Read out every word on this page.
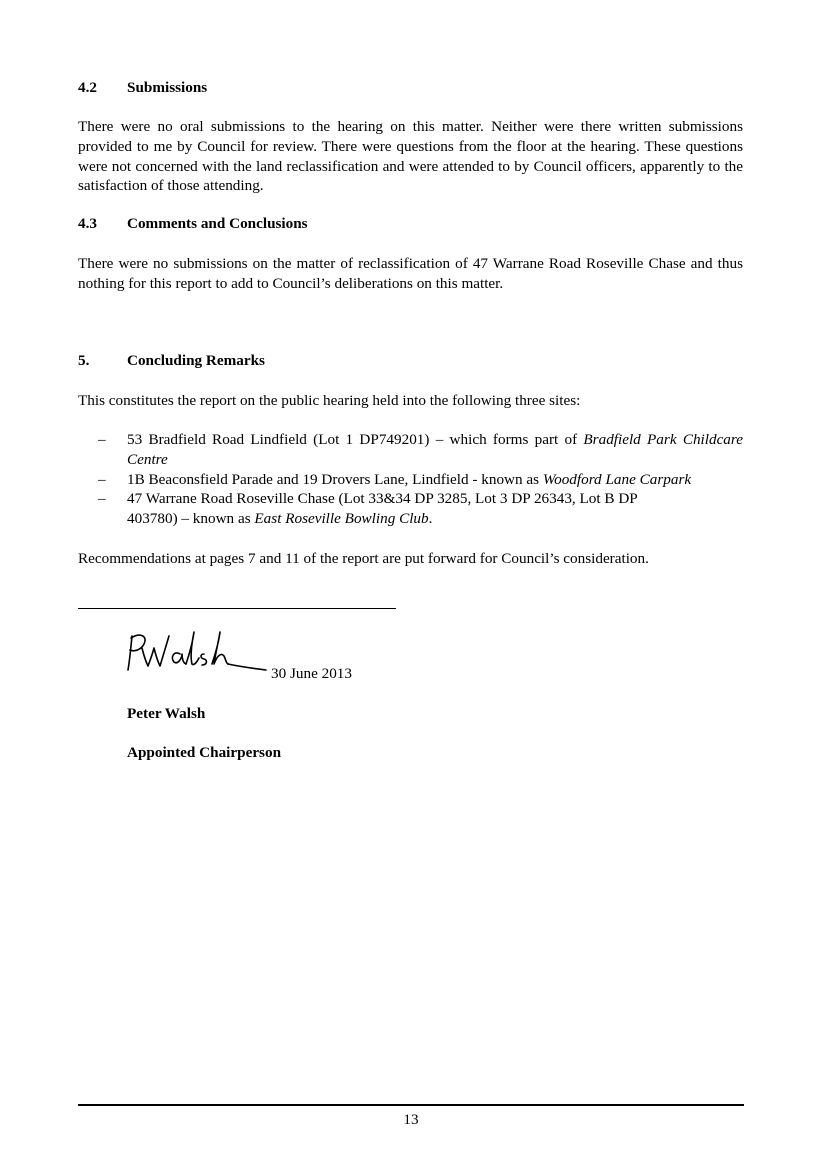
4.2 Submissions
There were no oral submissions to the hearing on this matter. Neither were there written submissions provided to me by Council for review. There were questions from the floor at the hearing. These questions were not concerned with the land reclassification and were attended to by Council officers, apparently to the satisfaction of those attending.
4.3 Comments and Conclusions
There were no submissions on the matter of reclassification of 47 Warrane Road Roseville Chase and thus nothing for this report to add to Council’s deliberations on this matter.
5. Concluding Remarks
This constitutes the report on the public hearing held into the following three sites:
– 53 Bradfield Road Lindfield (Lot 1 DP749201) – which forms part of Bradfield Park Childcare Centre
– 1B Beaconsfield Parade and 19 Drovers Lane, Lindfield - known as Woodford Lane Carpark
– 47 Warrane Road Roseville Chase (Lot 33&34 DP 3285, Lot 3 DP 26343, Lot B DP 403780) – known as East Roseville Bowling Club.
Recommendations at pages 7 and 11 of the report are put forward for Council’s consideration.
30 June 2013
Peter Walsh
Appointed Chairperson
13
